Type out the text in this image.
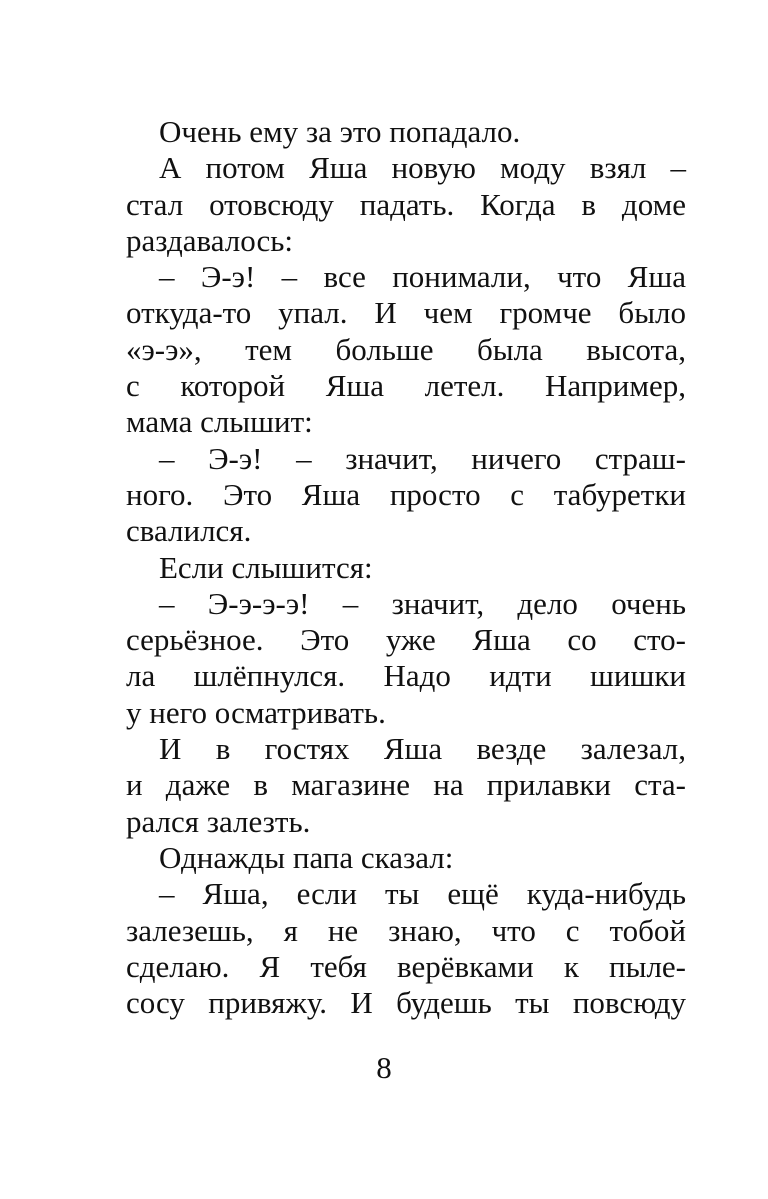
Очень ему за это попадало.
А потом Яша новую моду взял –
стал отовсюду падать. Когда в доме
раздавалось:
– Э-э! – все понимали, что Яша
откуда-то упал. И чем громче было
«э-э», тем больше была высота,
с которой Яша летел. Например,
мама слышит:
– Э-э! – значит, ничего страш-
ного. Это Яша просто с табуретки
свалился.
Если слышится:
– Э-э-э-э! – значит, дело очень
серьёзное. Это уже Яша со сто-
ла шлёпнулся. Надо идти шишки
у него осматривать.
И в гостях Яша везде залезал,
и даже в магазине на прилавки ста-
рался залезть.
Однажды папа сказал:
– Яша, если ты ещё куда-нибудь
залезешь, я не знаю, что с тобой
сделаю. Я тебя верёвками к пыле-
сосу привяжу. И будешь ты повсюду
8
